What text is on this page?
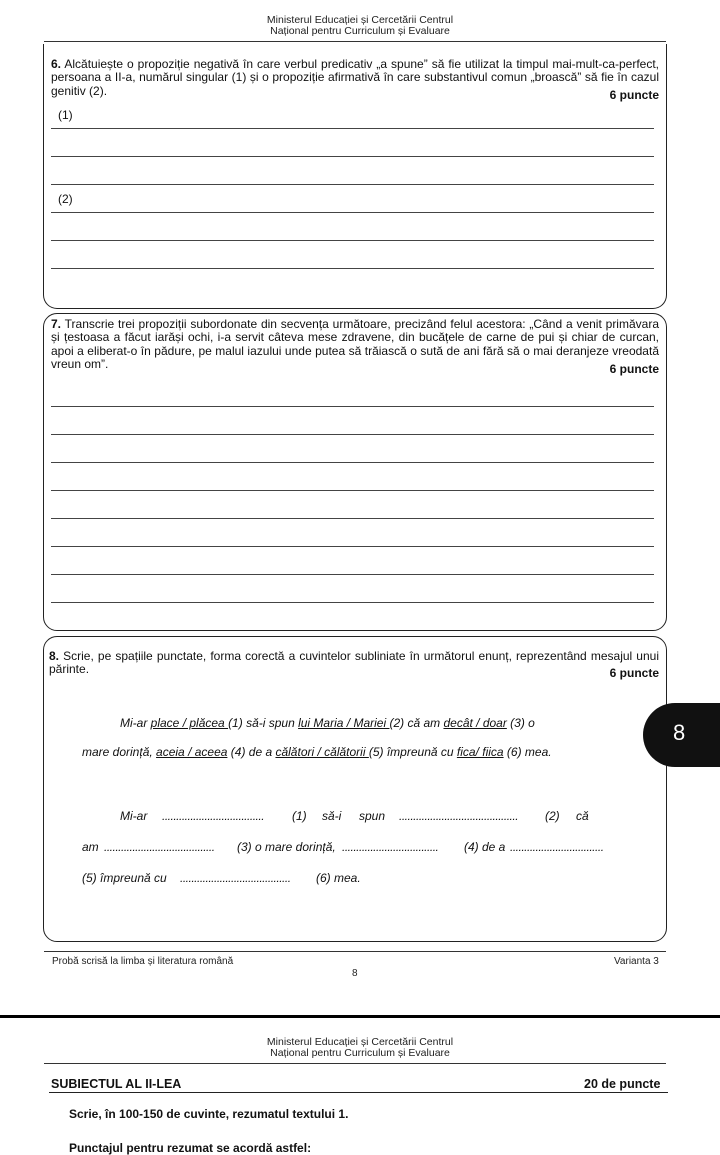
Ministerul Educației și Cercetării Centrul
Național pentru Curriculum și Evaluare
6. Alcătuiește o propoziție negativă în care verbul predicativ „a spune” să fie utilizat la timpul mai-mult-ca-perfect, persoana a II-a, numărul singular (1) și o propoziție afirmativă în care substantivul comun „broască” să fie în cazul genitiv (2).	6 puncte
(1)
(2)
7. Transcrie trei propoziții subordonate din secvența următoare, precizând felul acestora: „Când a venit primăvara și țestoasa a făcut iarăși ochi, i-a servit câteva mese zdravene, din bucățele de carne de pui și chiar de curcan, apoi a eliberat-o în pădure, pe malul iazului unde putea să trăiască o sută de ani fără să o mai deranjeze vreodată vreun om”.	6 puncte
8. Scrie, pe spațiile punctate, forma corectă a cuvintelor subliniate în următorul enunț, reprezentând mesajul unui părinte.	6 puncte
Mi-ar place / plăcea (1) să-i spun lui Maria / Mariei (2) că am decât / doar (3) o
mare dorință, aceia / aceea (4) de a călători / călătorii (5) împreună cu fica/ fiica (6) mea.
Mi-ar .................................... (1) să-i spun .......................................... (2) că
am ....................................... (3) o mare dorință, .................................. (4) de a .................................
(5) împreună cu ....................................... (6) mea.
8
Probă scrisă la limba și literatura română	Varianta 3
8
Ministerul Educației și Cercetării Centrul
Național pentru Curriculum și Evaluare
SUBIECTUL AL II-LEA	20 de puncte
Scrie, în 100-150 de cuvinte, rezumatul textului 1.
Punctajul pentru rezumat se acordă astfel:
